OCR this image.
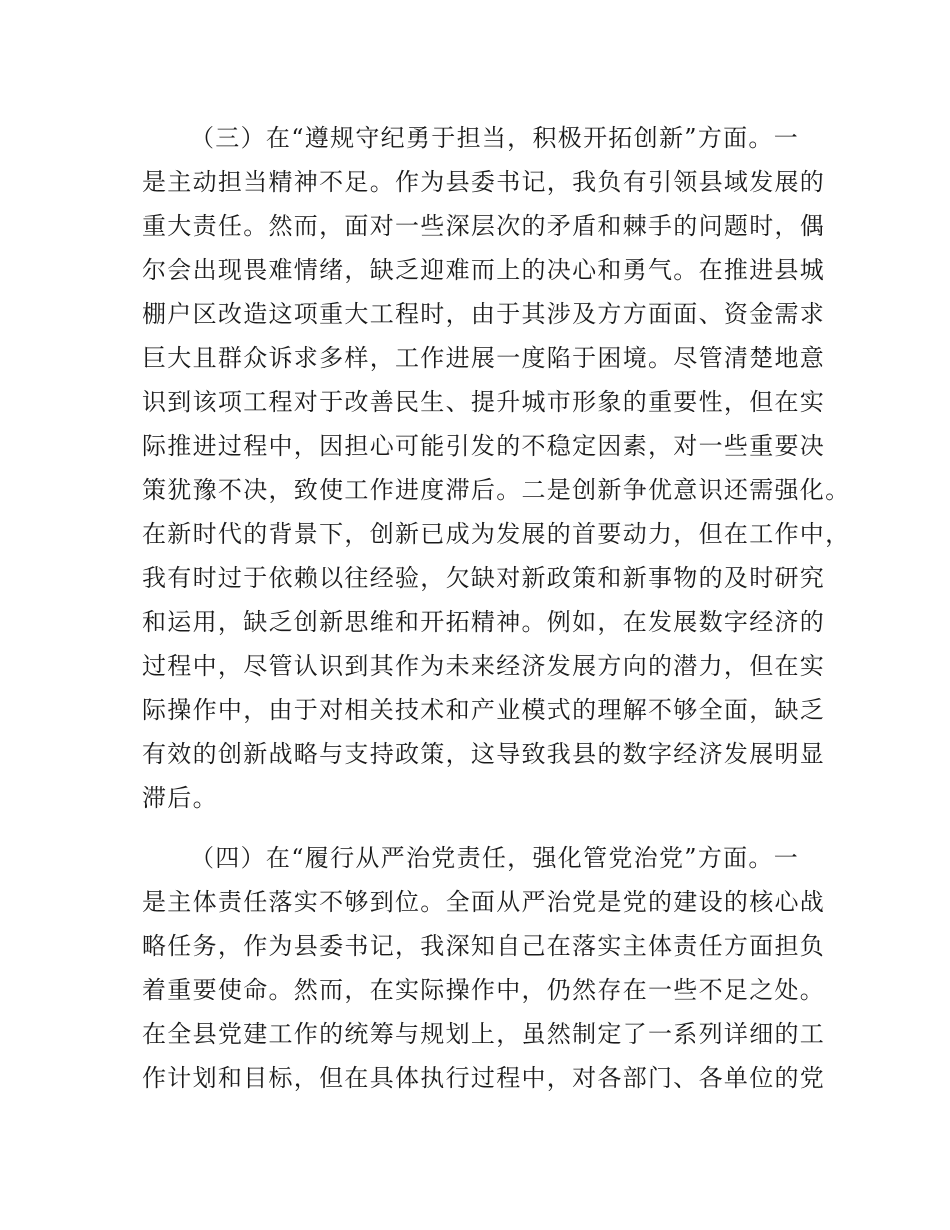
（三）在“遵规守纪勇于担当，积极开拓创新”方面。一
是主动担当精神不足。作为县委书记，我负有引领县域发展的
重大责任。然而，面对一些深层次的矛盾和棘手的问题时，偶
尔会出现畏难情绪，缺乏迎难而上的决心和勇气。在推进县城
棚户区改造这项重大工程时，由于其涉及方方面面、资金需求
巨大且群众诉求多样，工作进展一度陷于困境。尽管清楚地意
识到该项工程对于改善民生、提升城市形象的重要性，但在实
际推进过程中，因担心可能引发的不稳定因素，对一些重要决
策犹豫不决，致使工作进度滞后。二是创新争优意识还需强化。
在新时代的背景下，创新已成为发展的首要动力，但在工作中，
我有时过于依赖以往经验，欠缺对新政策和新事物的及时研究
和运用，缺乏创新思维和开拓精神。例如，在发展数字经济的
过程中，尽管认识到其作为未来经济发展方向的潜力，但在实
际操作中，由于对相关技术和产业模式的理解不够全面，缺乏
有效的创新战略与支持政策，这导致我县的数字经济发展明显
滞后。
（四）在“履行从严治党责任，强化管党治党”方面。一
是主体责任落实不够到位。全面从严治党是党的建设的核心战
略任务，作为县委书记，我深知自己在落实主体责任方面担负
着重要使命。然而，在实际操作中，仍然存在一些不足之处。
在全县党建工作的统筹与规划上，虽然制定了一系列详细的工
作计划和目标，但在具体执行过程中，对各部门、各单位的党
